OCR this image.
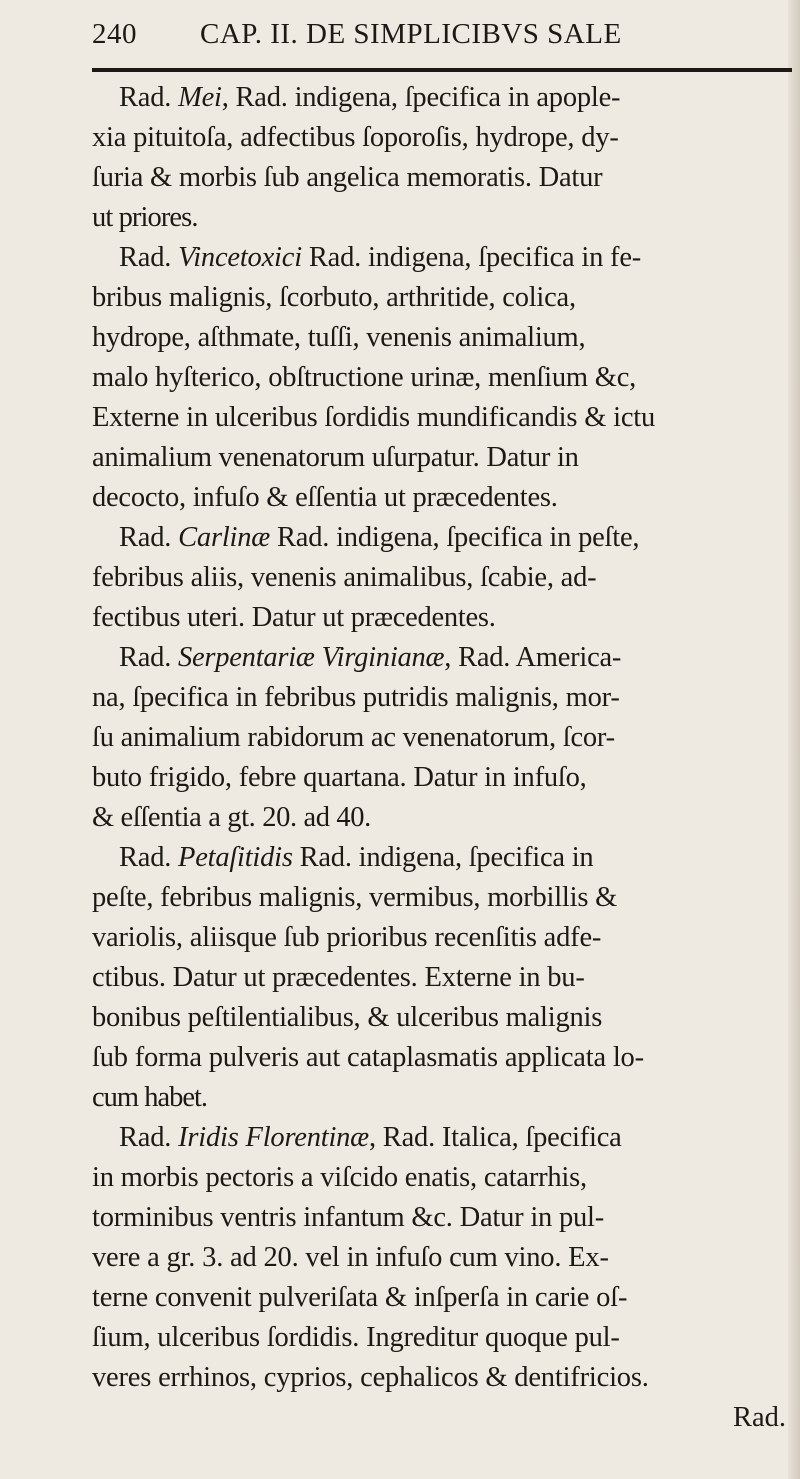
240 CAP. II. DE SIMPLICIBVS SALE
Rad. Mei, Rad. indigena, ſpecifica in apople-
xia pituitoſa, adfectibus ſoporoſis, hydrope, dy-
ſuria & morbis ſub angelica memoratis. Datur
ut priores.
Rad. Vincetoxici Rad. indigena, ſpecifica in fe-
bribus malignis, ſcorbuto, arthritide, colica,
hydrope, aſthmate, tuſſi, venenis animalium,
malo hyſterico, obſtructione urinæ, menſium &c,
Externe in ulceribus ſordidis mundificandis & ictu
animalium venenatorum uſurpatur. Datur in
decocto, infuſo & eſſentia ut præcedentes.
Rad. Carlinæ Rad. indigena, ſpecifica in peſte,
febribus aliis, venenis animalibus, ſcabie, ad-
fectibus uteri. Datur ut præcedentes.
Rad. Serpentariæ Virginianæ, Rad. America-
na, ſpecifica in febribus putridis malignis, mor-
ſu animalium rabidorum ac venenatorum, ſcor-
buto frigido, febre quartana. Datur in infuſo,
& eſſentia a gt. 20. ad 40.
Rad. Petaſitidis Rad. indigena, ſpecifica in
peſte, febribus malignis, vermibus, morbillis &
variolis, aliisque ſub prioribus recenſitis adfe-
ctibus. Datur ut præcedentes. Externe in bu-
bonibus peſtilentialibus, & ulceribus malignis
ſub forma pulveris aut cataplasmatis applicata lo-
cum habet.
Rad. Iridis Florentinæ, Rad. Italica, ſpecifica
in morbis pectoris a viſcido enatis, catarrhis,
torminibus ventris infantum &c. Datur in pul-
vere a gr. 3. ad 20. vel in infuſo cum vino. Ex-
terne convenit pulveriſata & inſperſa in carie oſ-
ſium, ulceribus ſordidis. Ingreditur quoque pul-
veres errhinos, cyprios, cephalicos & dentifricios.
Rad.
